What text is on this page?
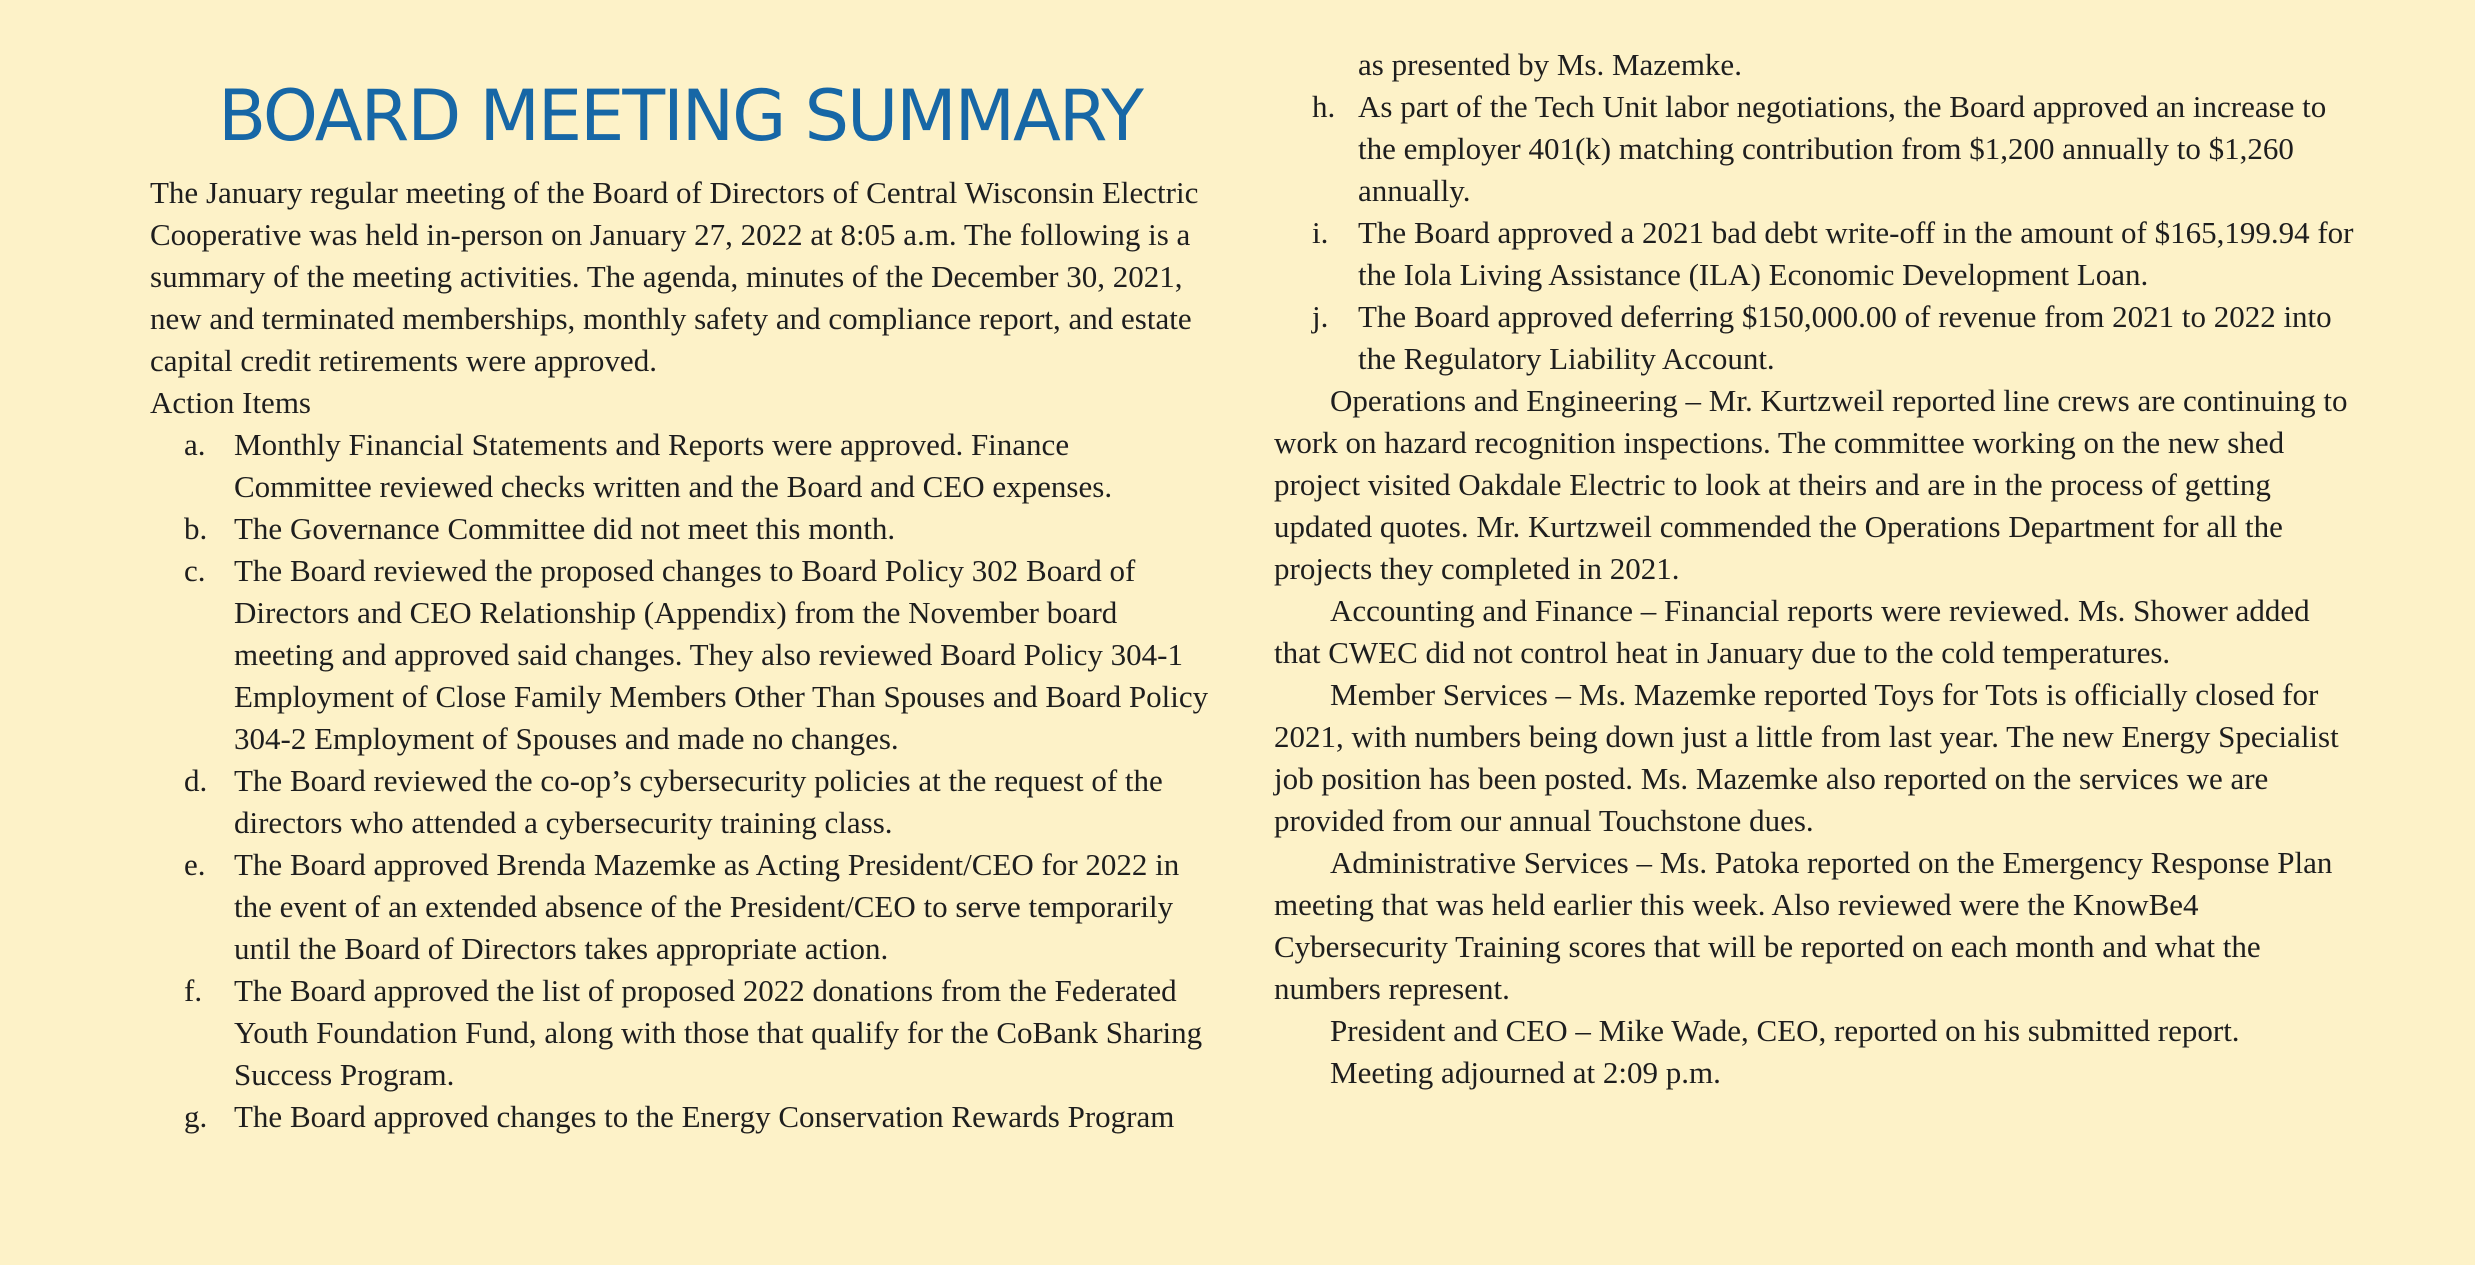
BOARD MEETING SUMMARY

The January regular meeting of the Board of Directors of Central Wisconsin Electric Cooperative was held in-person on January 27, 2022 at 8:05 a.m. The following is a summary of the meeting activities. The agenda, minutes of the December 30, 2021, new and terminated memberships, monthly safety and compliance report, and estate capital credit retirements were approved.

Action Items
a. Monthly Financial Statements and Reports were approved. Finance Committee reviewed checks written and the Board and CEO expenses.
b. The Governance Committee did not meet this month.
c. The Board reviewed the proposed changes to Board Policy 302 Board of Directors and CEO Relationship (Appendix) from the November board meeting and approved said changes. They also reviewed Board Policy 304-1 Employment of Close Family Members Other Than Spouses and Board Policy 304-2 Employment of Spouses and made no changes.
d. The Board reviewed the co-op’s cybersecurity policies at the request of the directors who attended a cybersecurity training class.
e. The Board approved Brenda Mazemke as Acting President/CEO for 2022 in the event of an extended absence of the President/CEO to serve temporarily until the Board of Directors takes appropriate action.
f. The Board approved the list of proposed 2022 donations from the Federated Youth Foundation Fund, along with those that qualify for the CoBank Sharing Success Program.
g. The Board approved changes to the Energy Conservation Rewards Program
as presented by Ms. Mazemke.
h. As part of the Tech Unit labor negotiations, the Board approved an increase to the employer 401(k) matching contribution from $1,200 annually to $1,260 annually.
i. The Board approved a 2021 bad debt write-off in the amount of $165,199.94 for the Iola Living Assistance (ILA) Economic Development Loan.
j. The Board approved deferring $150,000.00 of revenue from 2021 to 2022 into the Regulatory Liability Account.

Operations and Engineering – Mr. Kurtzweil reported line crews are continuing to work on hazard recognition inspections. The committee working on the new shed project visited Oakdale Electric to look at theirs and are in the process of getting updated quotes. Mr. Kurtzweil commended the Operations Department for all the projects they completed in 2021.

Accounting and Finance – Financial reports were reviewed. Ms. Shower added that CWEC did not control heat in January due to the cold temperatures.

Member Services – Ms. Mazemke reported Toys for Tots is officially closed for 2021, with numbers being down just a little from last year. The new Energy Specialist job position has been posted. Ms. Mazemke also reported on the services we are provided from our annual Touchstone dues.

Administrative Services – Ms. Patoka reported on the Emergency Response Plan meeting that was held earlier this week. Also reviewed were the KnowBe4 Cybersecurity Training scores that will be reported on each month and what the numbers represent.

President and CEO – Mike Wade, CEO, reported on his submitted report.

Meeting adjourned at 2:09 p.m.
